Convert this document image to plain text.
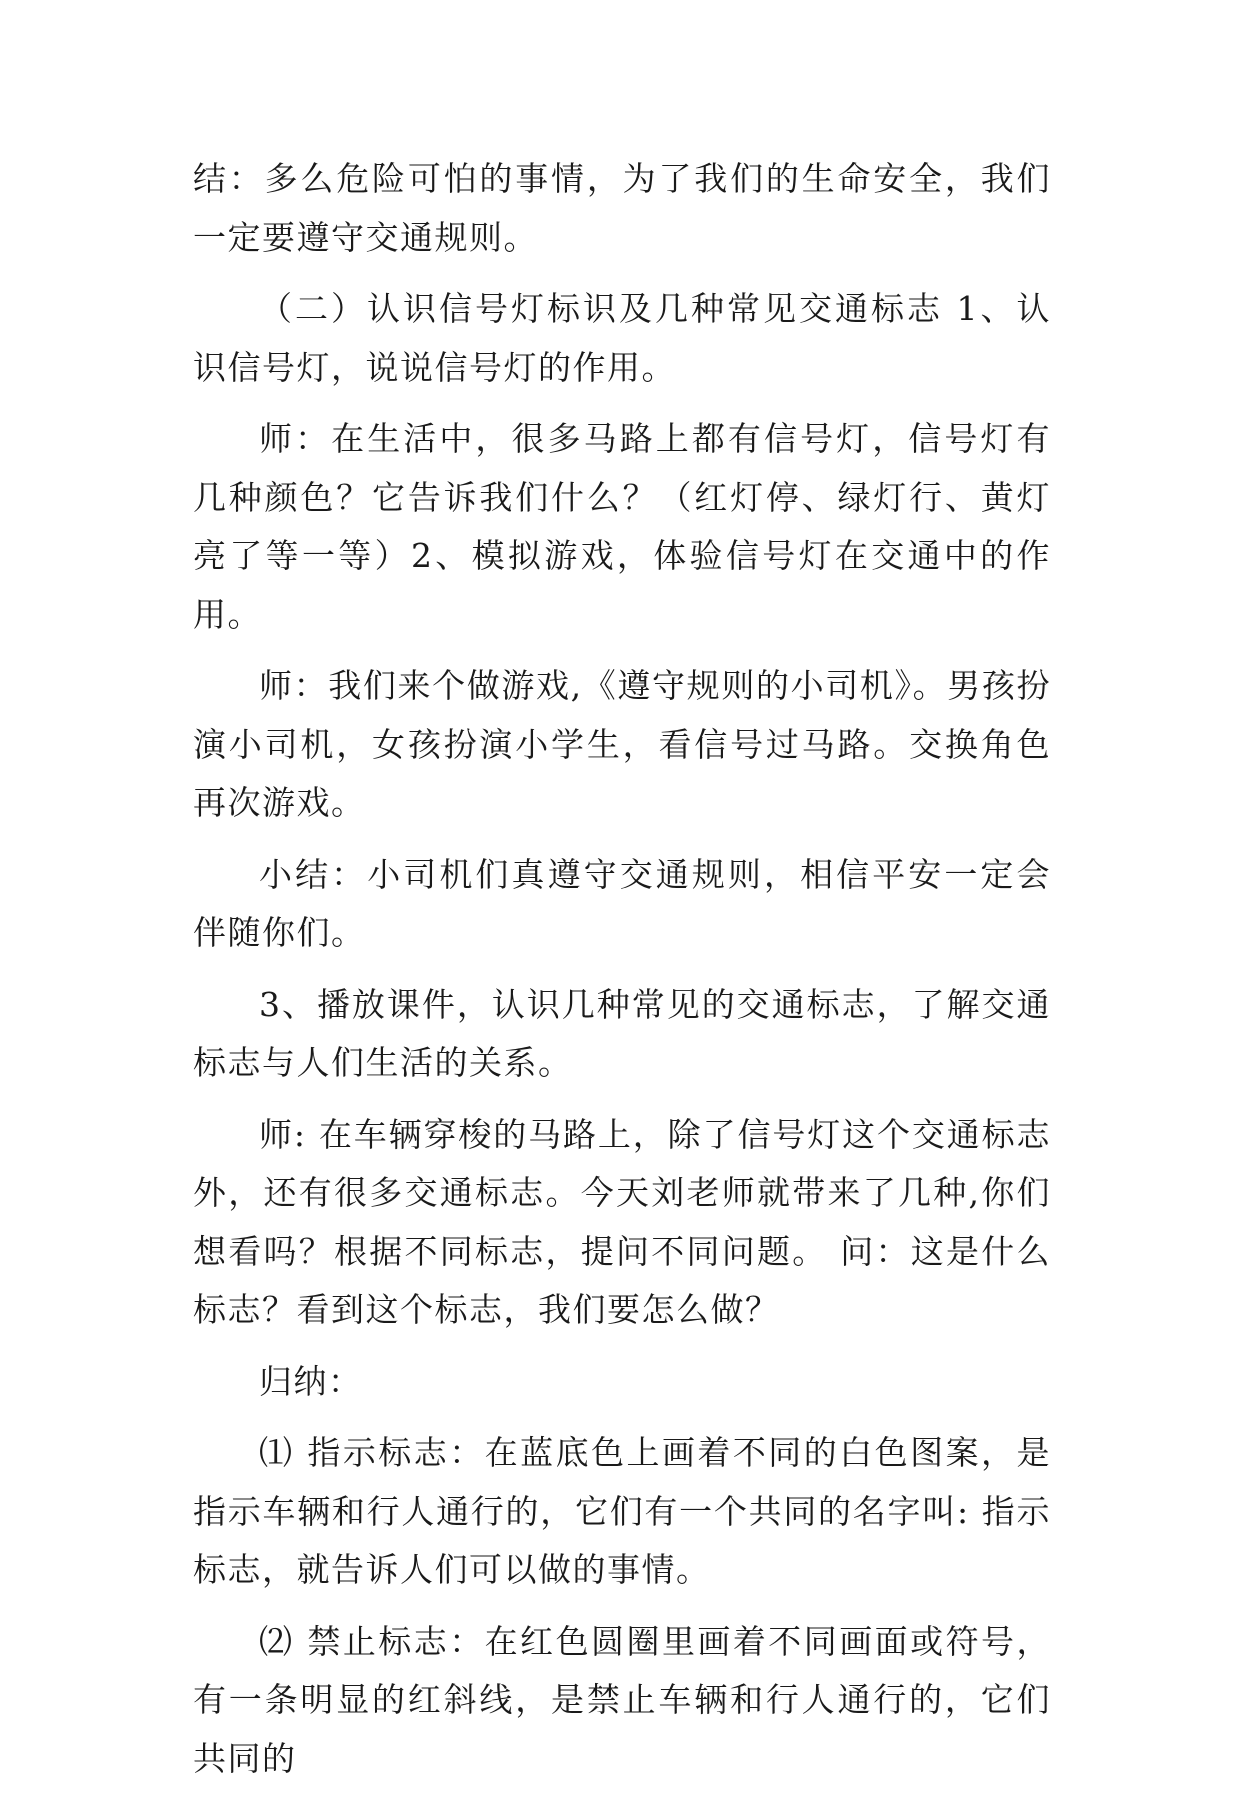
结：多么危险可怕的事情，为了我们的生命安全，我们一定要遵守交通规则。

（二）认识信号灯标识及几种常见交通标志 1、认识信号灯，说说信号灯的作用。

师：在生活中，很多马路上都有信号灯，信号灯有几种颜色？它告诉我们什么？（红灯停、绿灯行、黄灯亮了等一等）2、模拟游戏，体验信号灯在交通中的作用。

师：我们来个做游戏,《遵守规则的小司机》。男孩扮演小司机，女孩扮演小学生，看信号过马路。交换角色再次游戏。

小结：小司机们真遵守交通规则，相信平安一定会伴随你们。

3、播放课件，认识几种常见的交通标志，了解交通标志与人们生活的关系。

师: 在车辆穿梭的马路上，除了信号灯这个交通标志外，还有很多交通标志。今天刘老师就带来了几种,你们想看吗？根据不同标志，提问不同问题。 问：这是什么标志？看到这个标志，我们要怎么做？

归纳：

⑴ 指示标志：在蓝底色上画着不同的白色图案，是指示车辆和行人通行的，它们有一个共同的名字叫: 指示标志，就告诉人们可以做的事情。

⑵ 禁止标志：在红色圆圈里画着不同画面或符号，有一条明显的红斜线，是禁止车辆和行人通行的，它们共同的
